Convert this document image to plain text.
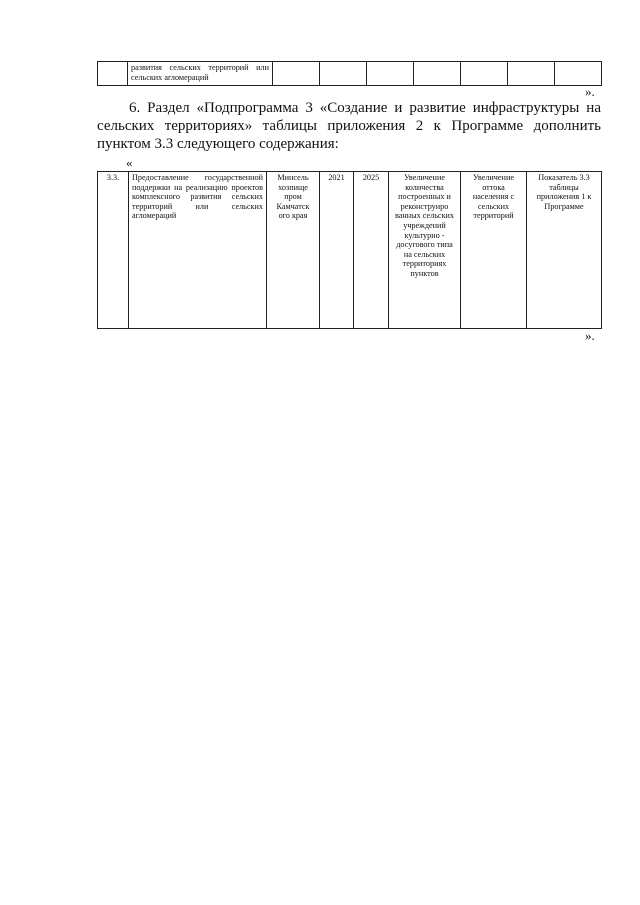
	развития сельских территорий или сельских агломераций							
».

6. Раздел «Подпрограмма 3 «Создание и развитие инфраструктуры на сельских территориях» таблицы приложения 2 к Программе дополнить пунктом 3.3 следующего содержания:

«
3.3.	Предоставление государственной поддержки на реализацию проектов комплексного развития сельских территорий или сельских агломераций	Минсель хозпище пром Камчатск ого края	2021	2025	Увеличение количества построенных и реконструиро ванных сельских учреждений культурно - досугового типа на сельских территориях пунктов	Увеличение оттока населения с сельских территорий	Показатель 3.3 таблицы приложения 1 к Программе
».
